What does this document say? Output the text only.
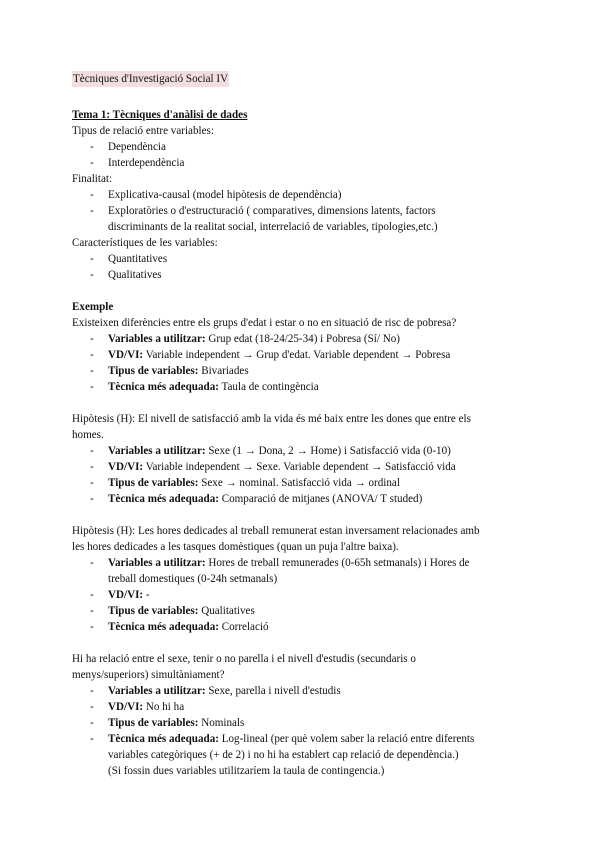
Tècniques d'Investigació Social IV
Tema 1: Tècniques d'anàlisi de dades
Tipus de relació entre variables:
- Dependència
- Interdependència
Finalitat:
- Explicativa-causal (model hipòtesis de dependència)
- Exploratòries o d'estructuració ( comparatives, dimensions latents, factors
discriminants de la realitat social, interrelació de variables, tipologies,etc.)
Característiques de les variables:
- Quantitatives
- Qualitatives
Exemple
Existeixen diferències entre els grups d'edat i estar o no en situació de risc de pobresa?
- Variables a utilitzar: Grup edat (18-24/25-34) i Pobresa (Sí/ No)
- VD/VI: Variable independent → Grup d'edat. Variable dependent → Pobresa
- Tipus de variables: Bivariades
- Tècnica més adequada: Taula de contingència
Hipòtesis (H): El nivell de satisfacció amb la vida és mé baix entre les dones que entre els
homes.
- Variables a utilitzar: Sexe (1 → Dona, 2 → Home) i Satisfacció vida (0-10)
- VD/VI: Variable independent → Sexe. Variable dependent → Satisfacció vida
- Tipus de variables: Sexe → nominal. Satisfacció vida → ordinal
- Tècnica més adequada: Comparació de mitjanes (ANOVA/ T studed)
Hipòtesis (H): Les hores dedicades al treball remunerat estan inversament relacionades amb
les hores dedicades a les tasques domèstiques (quan un puja l'altre baixa).
- Variables a utilitzar: Hores de treball remunerades (0-65h setmanals) i Hores de
treball domestiques (0-24h setmanals)
- VD/VI: -
- Tipus de variables: Qualitatives
- Tècnica més adequada: Correlació
Hi ha relació entre el sexe, tenir o no parella i el nivell d'estudis (secundaris o
menys/superiors) simultàniament?
- Variables a utilitzar: Sexe, parella i nivell d'estudis
- VD/VI: No hi ha
- Tipus de variables: Nominals
- Tècnica més adequada: Log-lineal (per què volem saber la relació entre diferents
variables categòriques (+ de 2) i no hi ha establert cap relació de dependència.)
(Si fossin dues variables utilitzaríem la taula de contingencia.)
